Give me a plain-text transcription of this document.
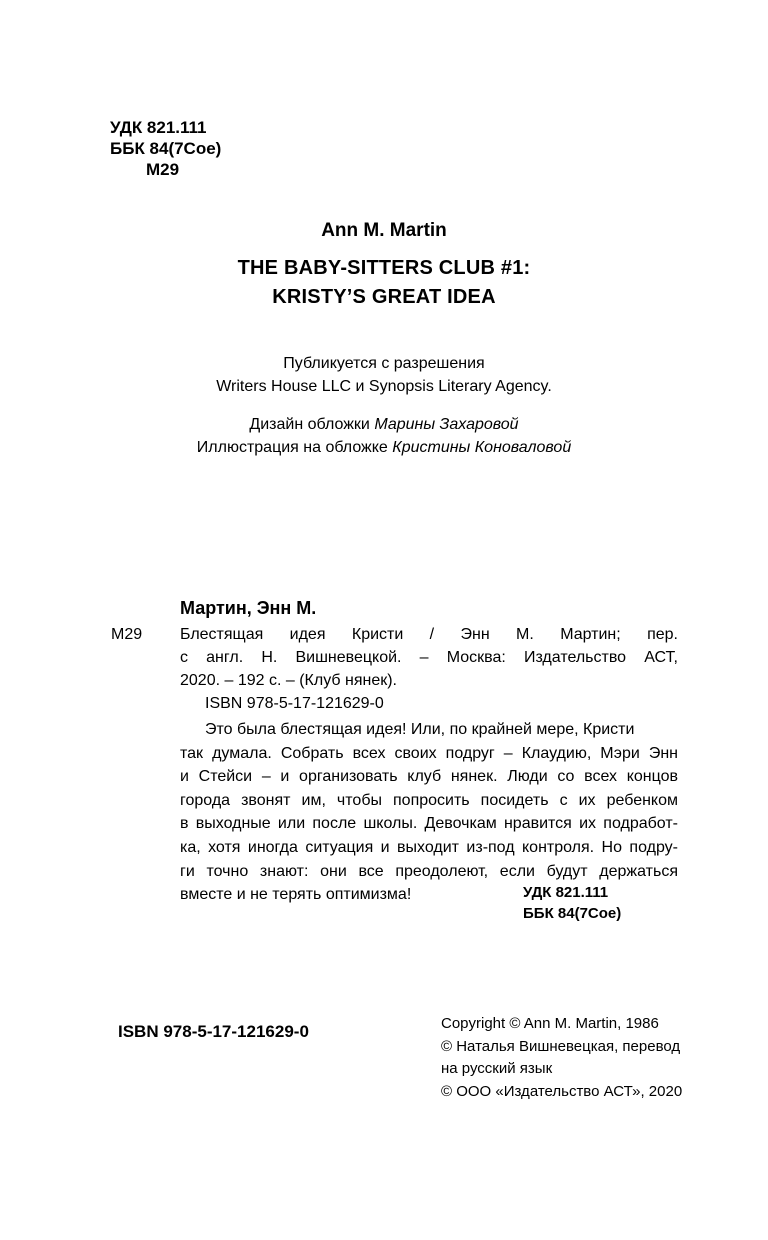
УДК 821.111
ББК 84(7Сое)
М29
Ann M. Martin
THE BABY-SITTERS CLUB #1:
KRISTY’S GREAT IDEA
Публикуется с разрешения
Writers House LLC и Synopsis Literary Agency.
Дизайн обложки Марины Захаровой
Иллюстрация на обложке Кристины Коноваловой
Мартин, Энн М.
М29 Блестящая идея Кристи / Энн М. Мартин; пер.
с англ. Н. Вишневецкой. – Москва: Издательство АСТ,
2020. – 192 с. – (Клуб нянек).
ISBN 978-5-17-121629-0
Это была блестящая идея! Или, по крайней мере, Кристи
так думала. Собрать всех своих подруг – Клаудию, Мэри Энн
и Стейси – и организовать клуб нянек. Люди со всех концов
города звонят им, чтобы попросить посидеть с их ребенком
в выходные или после школы. Девочкам нравится их подработ-
ка, хотя иногда ситуация и выходит из-под контроля. Но подру-
ги точно знают: они все преодолеют, если будут держаться
вместе и не терять оптимизма!	УДК 821.111
ББК 84(7Сое)
ISBN 978-5-17-121629-0	Copyright © Ann M. Martin, 1986
© Наталья Вишневецкая, перевод
на русский язык
© ООО «Издательство АСТ», 2020
